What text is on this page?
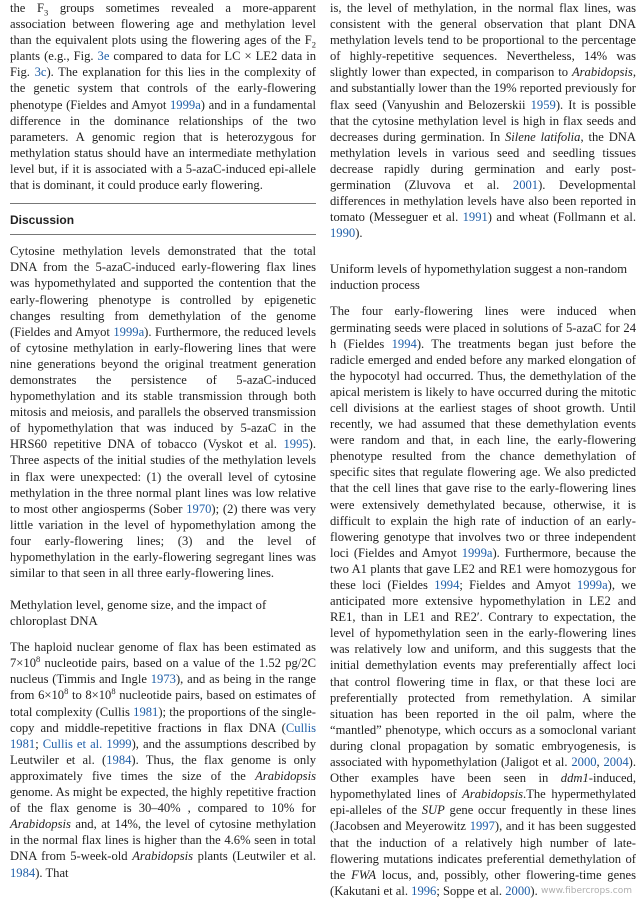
the $F_3$ groups sometimes revealed a more-apparent association between flowering age and methylation level than the equivalent plots using the flowering ages of the $F_2$ plants (e.g., Fig. 3e compared to data for LC × LE2 data in Fig. 3c). The explanation for this lies in the complexity of the genetic system that controls of the early-flowering phenotype (Fieldes and Amyot 1999a) and in a fundamental difference in the dominance relationships of the two parameters. A genomic region that is heterozygous for methylation status should have an intermediate methylation level but, if it is associated with a 5-azaC-induced epi-allele that is dominant, it could produce early flowering.

Discussion

Cytosine methylation levels demonstrated that the total DNA from the 5-azaC-induced early-flowering flax lines was hypomethylated and supported the contention that the early-flowering phenotype is controlled by epigenetic changes resulting from demethylation of the genome (Fieldes and Amyot 1999a). Furthermore, the reduced levels of cytosine methylation in early-flowering lines that were nine generations beyond the original treatment generation demonstrates the persistence of 5-azaC-induced hypomethylation and its stable transmission through both mitosis and meiosis, and parallels the observed transmission of hypomethylation that was induced by 5-azaC in the HRS60 repetitive DNA of tobacco (Vyskot et al. 1995). Three aspects of the initial studies of the methylation levels in flax were unexpected: (1) the overall level of cytosine methylation in the three normal plant lines was low relative to most other angiosperms (Sober 1970); (2) there was very little variation in the level of hypomethylation among the four early-flowering lines; (3) and the level of hypomethylation in the early-flowering segregant lines was similar to that seen in all three early-flowering lines.

Methylation level, genome size, and the impact of chloroplast DNA

The haploid nuclear genome of flax has been estimated as $7\times 10^8$ nucleotide pairs, based on a value of the 1.52 pg/2C nucleus (Timmis and Ingle 1973), and as being in the range from $6\times 10^8$ to $8\times 10^8$ nucleotide pairs, based on estimates of total complexity (Cullis 1981); the proportions of the single-copy and middle-repetitive fractions in flax DNA (Cullis 1981; Cullis et al. 1999), and the assumptions described by Leutwiler et al. (1984). Thus, the flax genome is only approximately five times the size of the Arabidopsis genome. As might be expected, the highly repetitive fraction of the flax genome is 30–40% , compared to 10% for Arabidopsis and, at 14%, the level of cytosine methylation in the normal flax lines is higher than the 4.6% seen in total DNA from 5-week-old Arabidopsis plants (Leutwiler et al. 1984). That

is, the level of methylation, in the normal flax lines, was consistent with the general observation that plant DNA methylation levels tend to be proportional to the percentage of highly-repetitive sequences. Nevertheless, 14% was slightly lower than expected, in comparison to Arabidopsis, and substantially lower than the 19% reported previously for flax seed (Vanyushin and Belozerskii 1959). It is possible that the cytosine methylation level is high in flax seeds and decreases during germination. In Silene latifolia, the DNA methylation levels in various seed and seedling tissues decrease rapidly during germination and early post-germination (Zluvova et al. 2001). Developmental differences in methylation levels have also been reported in tomato (Messeguer et al. 1991) and wheat (Follmann et al. 1990).

Uniform levels of hypomethylation suggest a non-random induction process

The four early-flowering lines were induced when germinating seeds were placed in solutions of 5-azaC for 24 h (Fieldes 1994). The treatments began just before the radicle emerged and ended before any marked elongation of the hypocotyl had occurred. Thus, the demethylation of the apical meristem is likely to have occurred during the mitotic cell divisions at the earliest stages of shoot growth. Until recently, we had assumed that these demethylation events were random and that, in each line, the early-flowering phenotype resulted from the chance demethylation of specific sites that regulate flowering age. We also predicted that the cell lines that gave rise to the early-flowering lines were extensively demethylated because, otherwise, it is difficult to explain the high rate of induction of an early-flowering genotype that involves two or three independent loci (Fieldes and Amyot 1999a). Furthermore, because the two A1 plants that gave LE2 and RE1 were homozygous for these loci (Fieldes 1994; Fieldes and Amyot 1999a), we anticipated more extensive hypomethylation in LE2 and RE1, than in LE1 and RE2′. Contrary to expectation, the level of hypomethylation seen in the early-flowering lines was relatively low and uniform, and this suggests that the initial demethylation events may preferentially affect loci that control flowering time in flax, or that these loci are preferentially protected from remethylation. A similar situation has been reported in the oil palm, where the “mantled” phenotype, which occurs as a somoclonal variant during clonal propagation by somatic embryogenesis, is associated with hypomethylation (Jaligot et al. 2000, 2004). Other examples have been seen in ddm1-induced, hypomethylated lines of Arabidopsis.The hypermethylated epi-alleles of the SUP gene occur frequently in these lines (Jacobsen and Meyerowitz 1997), and it has been suggested that the induction of a relatively high number of late-flowering mutations indicates preferential demethylation of the FWA locus, and, possibly, other flowering-time genes (Kakutani et al. 1996; Soppe et al. 2000). www.fibercrops.com
